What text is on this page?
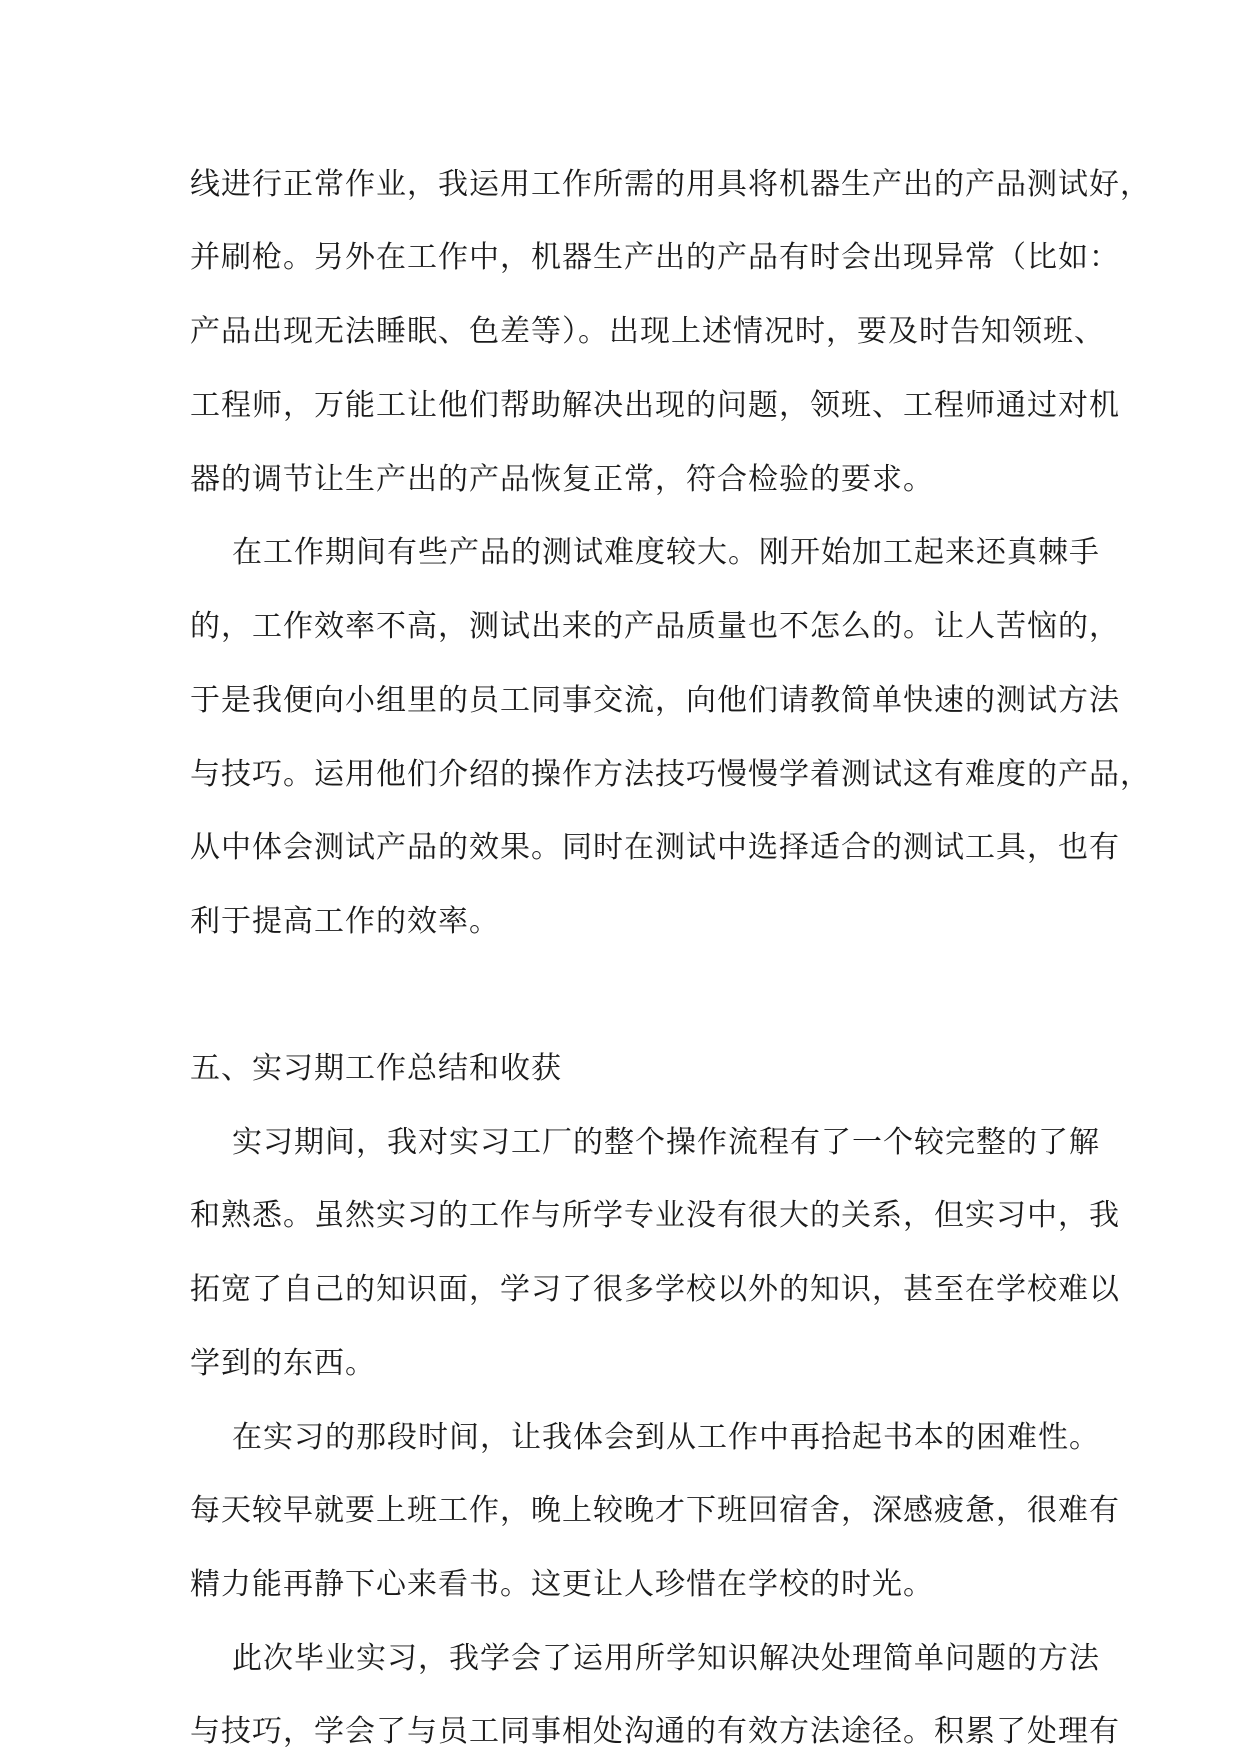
线进行正常作业，我运用工作所需的用具将机器生产出的产品测试好，

并刷枪。另外在工作中，机器生产出的产品有时会出现异常（比如：

产品出现无法睡眠、色差等）。出现上述情况时，要及时告知领班、

工程师，万能工让他们帮助解决出现的问题，领班、工程师通过对机

器的调节让生产出的产品恢复正常，符合检验的要求。

在工作期间有些产品的测试难度较大。刚开始加工起来还真棘手

的，工作效率不高，测试出来的产品质量也不怎么的。让人苦恼的，

于是我便向小组里的员工同事交流，向他们请教简单快速的测试方法

与技巧。运用他们介绍的操作方法技巧慢慢学着测试这有难度的产品，

从中体会测试产品的效果。同时在测试中选择适合的测试工具，也有

利于提高工作的效率。

五、实习期工作总结和收获

实习期间，我对实习工厂的整个操作流程有了一个较完整的了解

和熟悉。虽然实习的工作与所学专业没有很大的关系，但实习中，我

拓宽了自己的知识面，学习了很多学校以外的知识，甚至在学校难以

学到的东西。

在实习的那段时间，让我体会到从工作中再拾起书本的困难性。

每天较早就要上班工作，晚上较晚才下班回宿舍，深感疲惫，很难有

精力能再静下心来看书。这更让人珍惜在学校的时光。

此次毕业实习，我学会了运用所学知识解决处理简单问题的方法

与技巧，学会了与员工同事相处沟通的有效方法途径。积累了处理有
